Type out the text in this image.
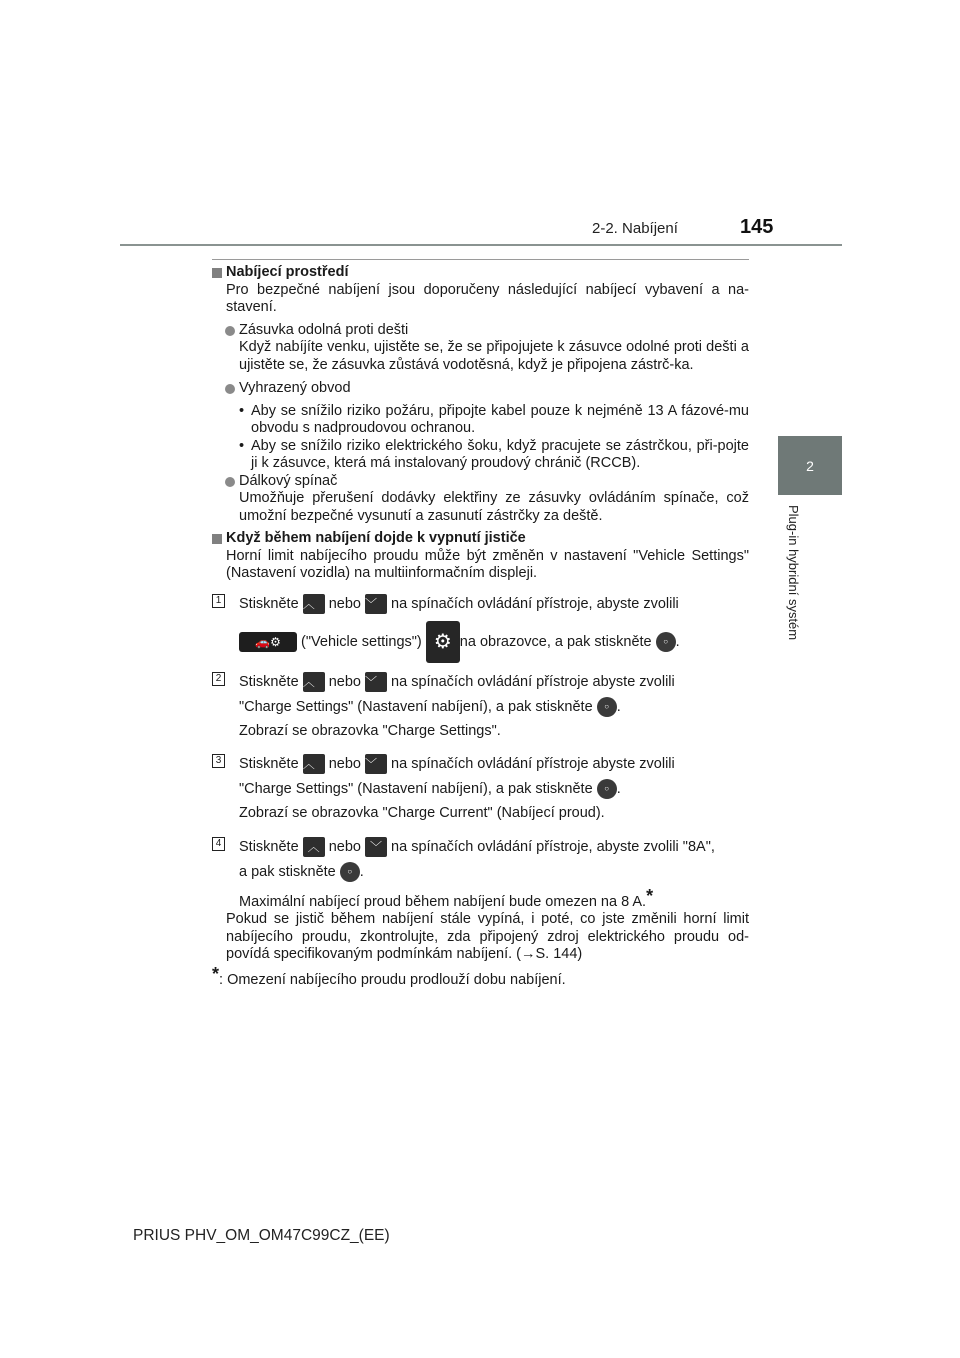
2-2. Nabíjení	145
2
Plug-in hybridní systém

Nabíjecí prostředí

Pro bezpečné nabíjení jsou doporučeny následující nabíjecí vybavení a na-stavení.

Zásuvka odolná proti dešti

Když nabíjíte venku, ujistěte se, že se připojujete k zásuvce odolné proti dešti a ujistěte se, že zásuvka zůstává vodotěsná, když je připojena zástrč-ka.

Vyhrazený obvod

• Aby se snížilo riziko požáru, připojte kabel pouze k nejméně 13 A fázové-mu obvodu s nadproudovou ochranou.
• Aby se snížilo riziko elektrického šoku, když pracujete se zástrčkou, při-pojte ji k zásuvce, která má instalovaný proudový chránič (RCCB).

Dálkový spínač

Umožňuje přerušení dodávky elektřiny ze zásuvky ovládáním spínače, což umožní bezpečné vysunutí a zasunutí zástrčky za deště.

Když během nabíjení dojde k vypnutí jističe

Horní limit nabíjecího proudu může být změněn v nastavení "Vehicle Settings" (Nastavení vozidla) na multiinformačním displeji.

1 Stiskněte ︿ nebo ﹀ na spínačích ovládání přístroje, abyste zvolili

🚗⚙ ("Vehicle settings") ⚙ na obrazovce, a pak stiskněte ○ .

2 Stiskněte ︿ nebo ﹀ na spínačích ovládání přístroje abyste zvolili

"Charge Settings" (Nastavení nabíjení), a pak stiskněte ○ .

Zobrazí se obrazovka "Charge Settings".

3 Stiskněte ︿ nebo ﹀ na spínačích ovládání přístroje abyste zvolili

"Charge Settings" (Nastavení nabíjení), a pak stiskněte ○ .

Zobrazí se obrazovka "Charge Current" (Nabíjecí proud).

4 Stiskněte ︿ nebo ﹀ na spínačích ovládání přístroje, abyste zvolili "8A",

a pak stiskněte ○ .

Maximální nabíjecí proud během nabíjení bude omezen na 8 A.*

Pokud se jistič během nabíjení stále vypíná, i poté, co jste změnili horní limit nabíjecího proudu, zkontrolujte, zda připojený zdroj elektrického proudu od-povídá specifikovaným podmínkám nabíjení. (→S. 144)

*: Omezení nabíjecího proudu prodlouží dobu nabíjení.

PRIUS PHV_OM_OM47C99CZ_(EE)
